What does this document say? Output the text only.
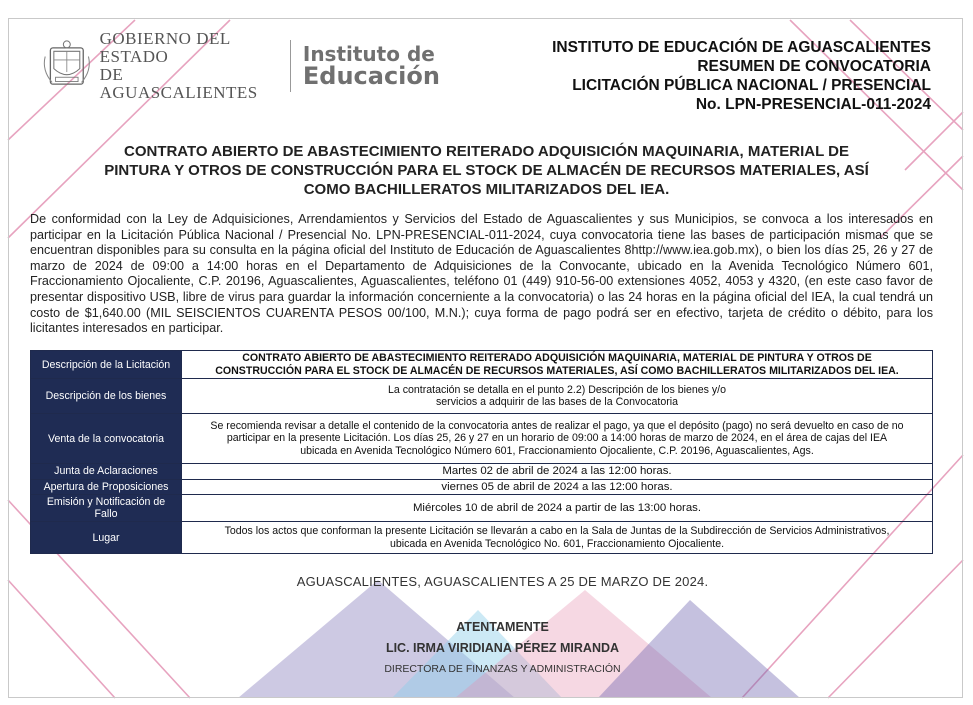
GOBIERNO DEL ESTADO
DE AGUASCALIENTES
Instituto de
Educación
INSTITUTO DE EDUCACIÓN DE AGUASCALIENTES
RESUMEN DE CONVOCATORIA
LICITACIÓN PÚBLICA NACIONAL / PRESENCIAL
No. LPN-PRESENCIAL-011-2024
CONTRATO ABIERTO DE ABASTECIMIENTO REITERADO ADQUISICIÓN MAQUINARIA, MATERIAL DE
PINTURA Y OTROS DE CONSTRUCCIÓN PARA EL STOCK DE ALMACÉN DE RECURSOS MATERIALES, ASÍ
COMO BACHILLERATOS MILITARIZADOS DEL IEA.
De conformidad con la Ley de Adquisiciones, Arrendamientos y Servicios del Estado de Aguascalientes y sus Municipios, se convoca a los interesados en participar en la Licitación Pública Nacional / Presencial No. LPN-PRESENCIAL-011-2024, cuya convocatoria tiene las bases de participación mismas que se encuentran disponibles para su consulta en la página oficial del Instituto de Educación de Aguascalientes 8http://www.iea.gob.mx), o bien los días 25, 26 y 27 de marzo de 2024 de 09:00 a 14:00 horas en el Departamento de Adquisiciones de la Convocante, ubicado en la Avenida Tecnológico Número 601, Fraccionamiento Ojocaliente, C.P. 20196, Aguascalientes, Aguascalientes, teléfono 01 (449) 910-56-00 extensiones 4052, 4053 y 4320, (en este caso favor de presentar dispositivo USB, libre de virus para guardar la información concerniente a la convocatoria) o las 24 horas en la página oficial del IEA, la cual tendrá un costo de $1,640.00 (MIL SEISCIENTOS CUARENTA PESOS 00/100, M.N.); cuya forma de pago podrá ser en efectivo, tarjeta de crédito o débito, para los licitantes interesados en participar.
Descripción de la Licitación	CONTRATO ABIERTO DE ABASTECIMIENTO REITERADO ADQUISICIÓN MAQUINARIA, MATERIAL DE PINTURA Y OTROS DE
CONSTRUCCIÓN PARA EL STOCK DE ALMACÉN DE RECURSOS MATERIALES, ASÍ COMO BACHILLERATOS MILITARIZADOS DEL IEA.

Descripción de los bienes	La contratación se detalla en el punto 2.2) Descripción de los bienes y/o
servicios a adquirir de las bases de la Convocatoria

Venta de la convocatoria	Se recomienda revisar a detalle el contenido de la convocatoria antes de realizar el pago, ya que el depósito (pago) no será devuelto en caso de no
participar en la presente Licitación. Los días 25, 26 y 27 en un horario de 09:00 a 14:00 horas de marzo de 2024, en el área de cajas del IEA
ubicada en Avenida Tecnológico Número 601, Fraccionamiento Ojocaliente, C.P. 20196, Aguascalientes, Ags.

Junta de Aclaraciones	Martes 02 de abril de 2024 a las 12:00 horas.

Apertura de Proposiciones	viernes 05 de abril de 2024 a las 12:00 horas.

Emisión y Notificación de Fallo	Miércoles 10 de abril de 2024 a partir de las 13:00 horas.

Lugar	Todos los actos que conforman la presente Licitación se llevarán a cabo en la Sala de Juntas de la Subdirección de Servicios Administrativos,
ubicada en Avenida Tecnológico No. 601, Fraccionamiento Ojocaliente.
AGUASCALIENTES, AGUASCALIENTES A 25 DE MARZO DE 2024.
ATENTAMENTE
LIC. IRMA VIRIDIANA PÉREZ MIRANDA
DIRECTORA DE FINANZAS Y ADMINISTRACIÓN
